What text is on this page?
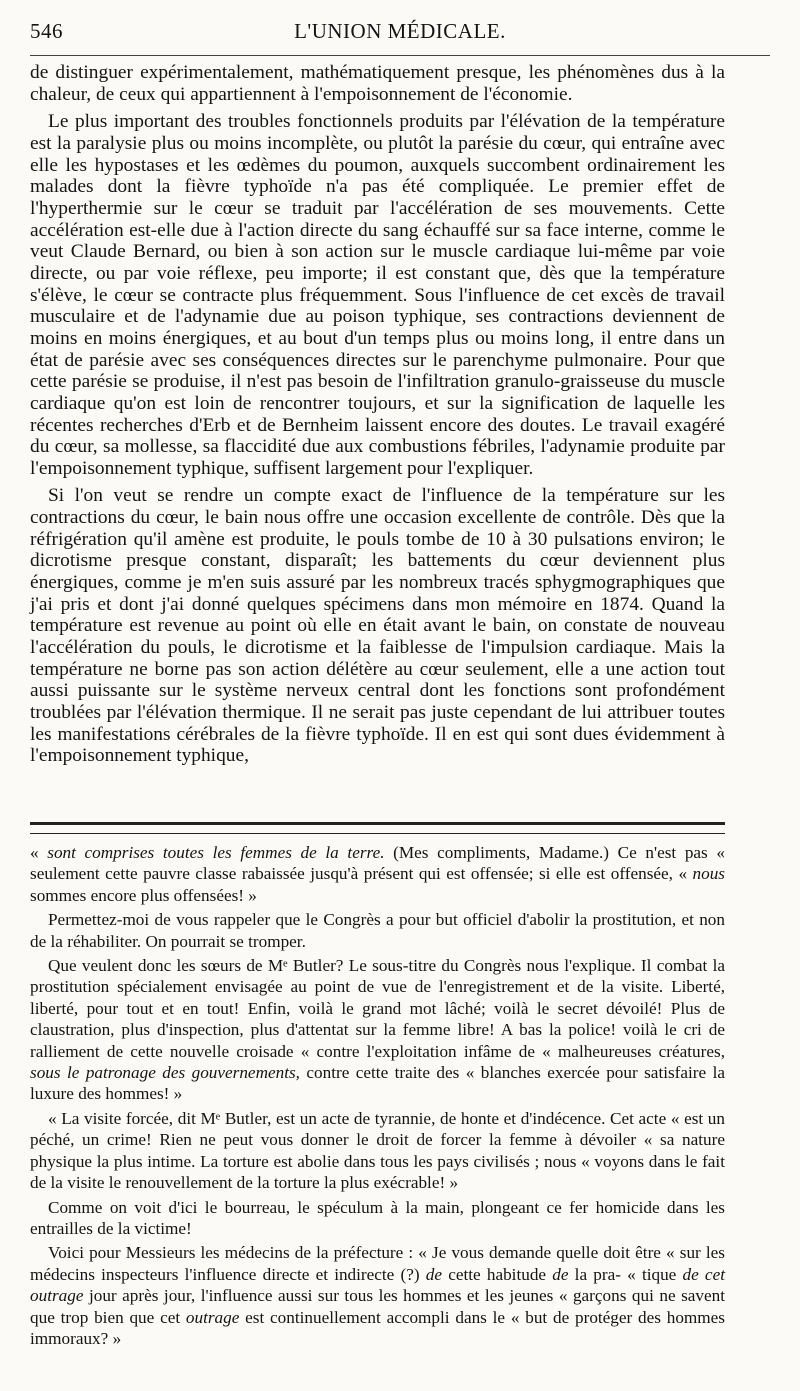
546	L'UNION MÉDICALE.

de distinguer expérimentalement, mathématiquement presque, les phénomènes dus à la chaleur, de ceux qui appartiennent à l'empoisonnement de l'économie.

Le plus important des troubles fonctionnels produits par l'élévation de la température est la paralysie plus ou moins incomplète, ou plutôt la parésie du cœur, qui entraîne avec elle les hypostases et les œdèmes du poumon, auxquels succombent ordinairement les malades dont la fièvre typhoïde n'a pas été compliquée. Le premier effet de l'hyperthermie sur le cœur se traduit par l'accélération de ses mouvements. Cette accélération est-elle due à l'action directe du sang échauffé sur sa face interne, comme le veut Claude Bernard, ou bien à son action sur le muscle cardiaque lui-même par voie directe, ou par voie réflexe, peu importe; il est constant que, dès que la température s'élève, le cœur se contracte plus fréquemment. Sous l'influence de cet excès de travail musculaire et de l'adynamie due au poison typhique, ses contractions deviennent de moins en moins énergiques, et au bout d'un temps plus ou moins long, il entre dans un état de parésie avec ses conséquences directes sur le parenchyme pulmonaire. Pour que cette parésie se produise, il n'est pas besoin de l'infiltration granulo-graisseuse du muscle cardiaque qu'on est loin de rencontrer toujours, et sur la signification de laquelle les récentes recherches d'Erb et de Bernheim laissent encore des doutes. Le travail exagéré du cœur, sa mollesse, sa flaccidité due aux combustions fébriles, l'adynamie produite par l'empoisonnement typhique, suffisent largement pour l'expliquer.

Si l'on veut se rendre un compte exact de l'influence de la température sur les contractions du cœur, le bain nous offre une occasion excellente de contrôle. Dès que la réfrigération qu'il amène est produite, le pouls tombe de 10 à 30 pulsations environ; le dicrotisme presque constant, disparaît; les battements du cœur deviennent plus énergiques, comme je m'en suis assuré par les nombreux tracés sphygmographiques que j'ai pris et dont j'ai donné quelques spécimens dans mon mémoire en 1874. Quand la température est revenue au point où elle en était avant le bain, on constate de nouveau l'accélération du pouls, le dicrotisme et la faiblesse de l'impulsion cardiaque. Mais la température ne borne pas son action délétère au cœur seulement, elle a une action tout aussi puissante sur le système nerveux central dont les fonctions sont profondément troublées par l'élévation thermique. Il ne serait pas juste cependant de lui attribuer toutes les manifestations cérébrales de la fièvre typhoïde. Il en est qui sont dues évidemment à l'empoisonnement typhique,

« sont comprises toutes les femmes de la terre. (Mes compliments, Madame.) Ce n'est pas « seulement cette pauvre classe rabaissée jusqu'à présent qui est offensée; si elle est offensée, « nous sommes encore plus offensées! »

Permettez-moi de vous rappeler que le Congrès a pour but officiel d'abolir la prostitution, et non de la réhabiliter. On pourrait se tromper.

Que veulent donc les sœurs de Mᵉ Butler? Le sous-titre du Congrès nous l'explique. Il combat la prostitution spécialement envisagée au point de vue de l'enregistrement et de la visite. Liberté, liberté, pour tout et en tout! Enfin, voilà le grand mot lâché; voilà le secret dévoilé! Plus de claustration, plus d'inspection, plus d'attentat sur la femme libre! A bas la police! voilà le cri de ralliement de cette nouvelle croisade « contre l'exploitation infâme de « malheureuses créatures, sous le patronage des gouvernements, contre cette traite des « blanches exercée pour satisfaire la luxure des hommes! »

« La visite forcée, dit Mᵉ Butler, est un acte de tyrannie, de honte et d'indécence. Cet acte « est un péché, un crime! Rien ne peut vous donner le droit de forcer la femme à dévoiler « sa nature physique la plus intime. La torture est abolie dans tous les pays civilisés ; nous « voyons dans le fait de la visite le renouvellement de la torture la plus exécrable! »

Comme on voit d'ici le bourreau, le spéculum à la main, plongeant ce fer homicide dans les entrailles de la victime!

Voici pour Messieurs les médecins de la préfecture : « Je vous demande quelle doit être « sur les médecins inspecteurs l'influence directe et indirecte (?) de cette habitude de la pra- « tique de cet outrage jour après jour, l'influence aussi sur tous les hommes et les jeunes « garçons qui ne savent que trop bien que cet outrage est continuellement accompli dans le « but de protéger des hommes immoraux? »
